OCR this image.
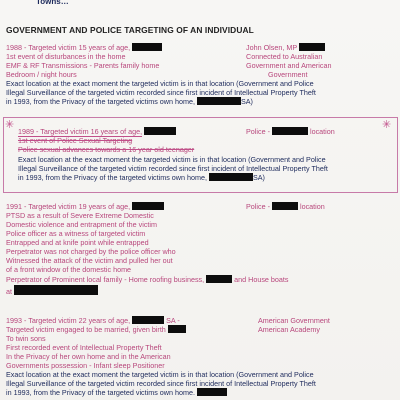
Towns…
GOVERNMENT AND POLICE TARGETING OF AN INDIVIDUAL
1988 - Targeted victim 15 years of age,	John Olsen, MP
1st event of disturbances in the home	Connected to Australian
EMF & RF Transmissions - Parents family home	Government and American
Bedroom / night hours	Government
Exact location at the exact moment the targeted victim is in that location (Government and Police
Illegal Surveillance of the targeted victim recorded since first incident of Intellectual Property Theft
in 1993, from the Privacy of the targeted victims own home,	SA)
✳	✳
1989 - Targeted victim 16 years of age,	Police -	location
1st event of Police Sexual Targeting
Police sexual advances towards a 16 year old teenager
Exact location at the exact moment the targeted victim is in that location (Government and Police
Illegal Surveillance of the targeted victim recorded since first incident of Intellectual Property Theft
in 1993, from the Privacy of the targeted victims own home,	SA)
1991 - Targeted victim 19 years of age,	Police -	location
PTSD as a result of Severe Extreme Domestic
Domestic violence and entrapment of the victim
Police officer as a witness of targeted victim
Entrapped and at knife point while entrapped
Perpetrator was not charged by the police officer who
Witnessed the attack of the victim and pulled her out
of a front window of the domestic home
Perpetrator of Prominent local family - Home roofing business,	and House boats
at
1993 - Targeted victim 22 years of age,	SA -	American Government
Targeted victim engaged to be married, given birth	American Academy
To twin sons
First recorded event of Intellectual Property Theft
In the Privacy of her own home and in the American
Governments possession - Infant sleep Positioner
Exact location at the exact moment the targeted victim is in that location (Government and Police
Illegal Surveillance of the targeted victim recorded since first incident of Intellectual Property Theft
in 1993, from the Privacy of the targeted victims own home.
